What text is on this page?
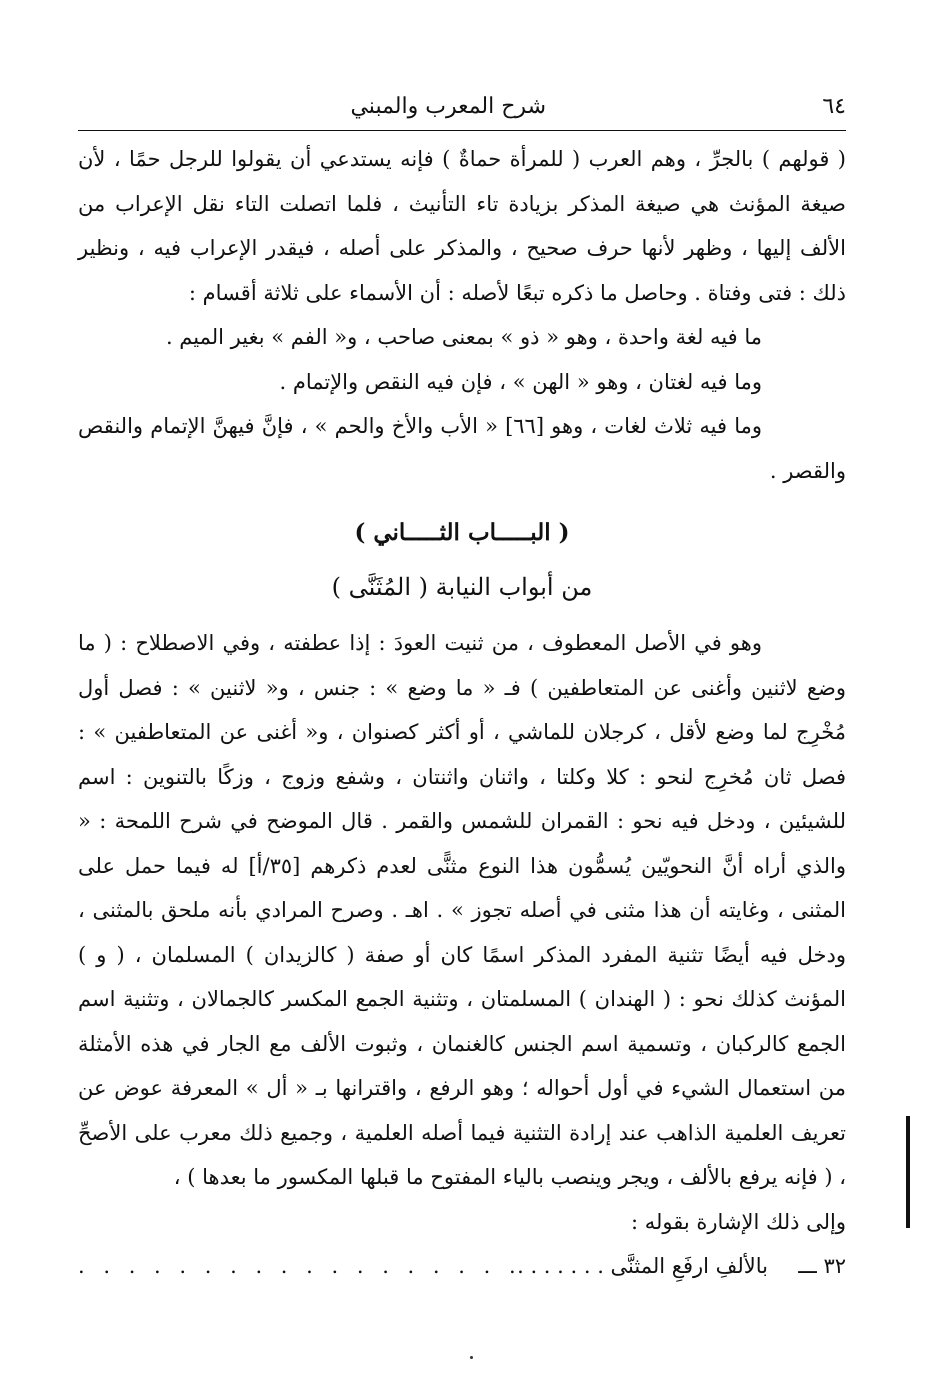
٦٤
شرح المعرب والمبني

( قولهم ) بالجرِّ ، وهم العرب ( للمرأة حماةٌ ) فإنه يستدعي أن يقولوا للرجل حمًا ، لأن صيغة المؤنث هي صيغة المذكر بزيادة تاء التأنيث ، فلما اتصلت التاء نقل الإعراب من الألف إليها ، وظهر لأنها حرف صحيح ، والمذكر على أصله ، فيقدر الإعراب فيه ، ونظير ذلك : فتى وفتاة . وحاصل ما ذكره تبعًا لأصله : أن الأسماء على ثلاثة أقسام :

ما فيه لغة واحدة ، وهو « ذو » بمعنى صاحب ، و« الفم » بغير الميم .

وما فيه لغتان ، وهو « الهن » ، فإن فيه النقص والإتمام .

وما فيه ثلاث لغات ، وهو [٦٦] « الأب والأخ والحم » ، فإنَّ فيهنَّ الإتمام والنقص والقصر .

( البـــــاب الثـــــاني )
من أبواب النيابة ( المُثَنَّى )

وهو في الأصل المعطوف ، من ثنيت العودَ : إذا عطفته ، وفي الاصطلاح : ( ما وضع لاثنين وأغنى عن المتعاطفين ) فـ « ما وضع » : جنس ، و« لاثنين » : فصل أول مُخْرِج لما وضع لأقل ، كرجلان للماشي ، أو أكثر كصنوان ، و« أغنى عن المتعاطفين » : فصل ثان مُخرِج لنحو : كلا وكلتا ، واثنان واثنتان ، وشفع وزوج ، وزكًا بالتنوين : اسم للشيئين ، ودخل فيه نحو : القمران للشمس والقمر . قال الموضح في شرح اللمحة : « والذي أراه أنَّ النحويّين يُسمُّون هذا النوع مثنًّى لعدم ذكرهم [٣٥/أ] له فيما حمل على المثنى ، وغايته أن هذا مثنى في أصله تجوز » . اهـ . وصرح المرادي بأنه ملحق بالمثنى ، ودخل فيه أيضًا تثنية المفرد المذكر اسمًا كان أو صفة ( كالزيدان ) المسلمان ، ( و ) المؤنث كذلك نحو : ( الهندان ) المسلمتان ، وتثنية الجمع المكسر كالجمالان ، وتثنية اسم الجمع كالركبان ، وتسمية اسم الجنس كالغنمان ، وثبوت الألف مع الجار في هذه الأمثلة من استعمال الشيء في أول أحواله ؛ وهو الرفع ، واقترانها بـ « أل » المعرفة عوض عن تعريف العلمية الذاهب عند إرادة التثنية فيما أصله العلمية ، وجميع ذلك معرب على الأصحِّ ، ( فإنه يرفع بالألف ، ويجر وينصب بالياء المفتوح ما قبلها المكسور ما بعدها ) ،

وإلى ذلك الإشارة بقوله :

٣٢ ـــ
بالألفِ ارفَعِ المثنَّى . . . . . . .
. . . . . . . . . . . . . . . . . .
